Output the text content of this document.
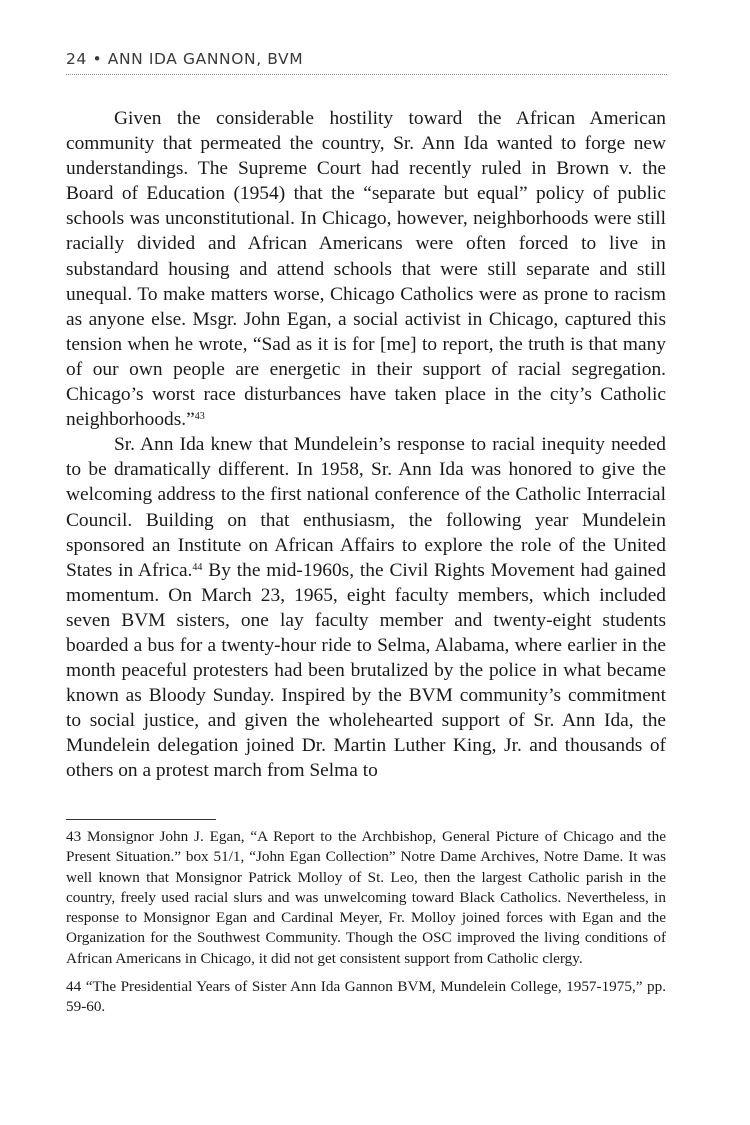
24 • ANN IDA GANNON, BVM

Given the considerable hostility toward the African American community that permeated the country, Sr. Ann Ida wanted to forge new understandings. The Supreme Court had recently ruled in Brown v. the Board of Education (1954) that the “separate but equal” policy of public schools was unconstitutional. In Chicago, however, neighborhoods were still racially divided and African Americans were often forced to live in substandard housing and attend schools that were still separate and still unequal. To make matters worse, Chicago Catholics were as prone to racism as anyone else. Msgr. John Egan, a social activist in Chicago, captured this tension when he wrote, “Sad as it is for [me] to report, the truth is that many of our own people are energetic in their support of racial segregation. Chicago’s worst race disturbances have taken place in the city’s Catholic neighborhoods.”$^{43}$

Sr. Ann Ida knew that Mundelein’s response to racial inequity needed to be dramatically different. In 1958, Sr. Ann Ida was honored to give the welcoming address to the first national conference of the Catholic Interracial Council. Building on that enthusiasm, the following year Mundelein sponsored an Institute on African Affairs to explore the role of the United States in Africa.$^{44}$ By the mid-1960s, the Civil Rights Movement had gained momentum. On March 23, 1965, eight faculty members, which included seven BVM sisters, one lay faculty member and twenty-eight students boarded a bus for a twenty-hour ride to Selma, Alabama, where earlier in the month peaceful protesters had been brutalized by the police in what became known as Bloody Sunday. Inspired by the BVM community’s commitment to social justice, and given the wholehearted support of Sr. Ann Ida, the Mundelein delegation joined Dr. Martin Luther King, Jr. and thousands of others on a protest march from Selma to

43 Monsignor John J. Egan, “A Report to the Archbishop, General Picture of Chicago and the Present Situation.” box 51/1, “John Egan Collection” Notre Dame Archives, Notre Dame. It was well known that Monsignor Patrick Molloy of St. Leo, then the largest Catholic parish in the country, freely used racial slurs and was unwelcoming toward Black Catholics. Nevertheless, in response to Monsignor Egan and Cardinal Meyer, Fr. Molloy joined forces with Egan and the Organization for the Southwest Community. Though the OSC improved the living conditions of African Americans in Chicago, it did not get consistent support from Catholic clergy.

44 “The Presidential Years of Sister Ann Ida Gannon BVM, Mundelein College, 1957-1975,” pp. 59-60.
